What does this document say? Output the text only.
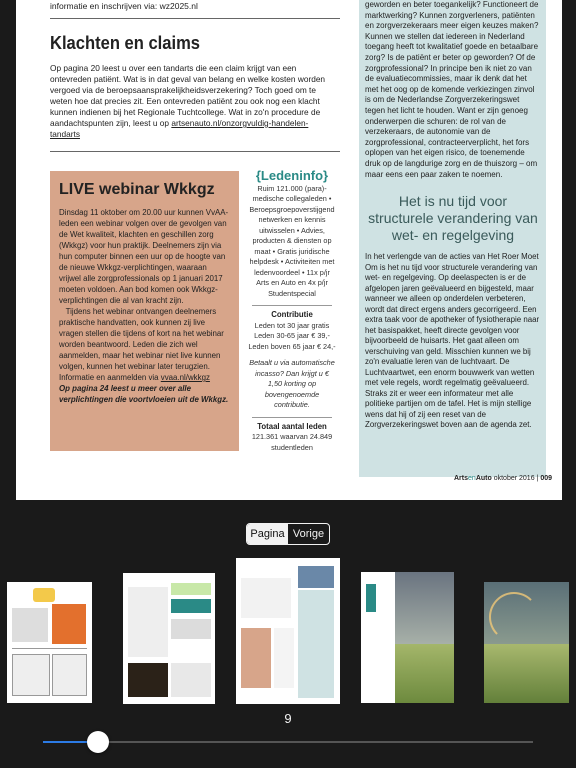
informatie en inschrijven via: wz2025.nl
Klachten en claims
Op pagina 20 leest u over een tandarts die een claim krijgt van een ontevreden patiënt. Wat is in dat geval van belang en welke kosten worden vergoed via de beroepsaansprakelijkheidsverzekering? Toch goed om te weten hoe dat precies zit. Een ontevreden patiënt zou ook nog een klacht kunnen indienen bij het Regionale Tuchtcollege. Wat in zo'n procedure de aandachtspunten zijn, leest u op artsenauto.nl/onzorgvuldig-handelen-tandarts
LIVE webinar Wkkgz

Dinsdag 11 oktober om 20.00 uur kunnen VvAA-leden een webinar volgen over de gevolgen van de Wet kwaliteit, klachten en geschillen zorg (Wkkgz) voor hun praktijk. Deelnemers zijn via hun computer binnen een uur op de hoogte van de nieuwe Wkkgz-verplichtingen, waaraan vrijwel alle zorgprofessionals op 1 januari 2017 moeten voldoen. Aan bod komen ook Wkkgz-verplichtingen die al van kracht zijn.

Tijdens het webinar ontvangen deelnemers praktische handvatten, ook kunnen zij live vragen stellen die tijdens of kort na het webinar worden beantwoord. Leden die zich wel aanmelden, maar het webinar niet live kunnen volgen, kunnen het webinar later terugzien. Informatie en aanmelden via vvaa.nl/wkkgz

Op pagina 24 leest u meer over alle verplichtingen die voortvloeien uit de Wkkgz.

{Ledeninfo}
Ruim 121.000 (para)-medische collegaleden • Beroepsgroepoverstijgend netwerken en kennis uitwisselen • Advies, producten & diensten op maat • Gratis juridische helpdesk • Activiteiten met ledenvoordeel • 11x p/jr Arts en Auto en 4x p/jr Studentspecial
Contributie
Leden tot 30 jaar gratis Leden 30-65 jaar € 39,- Leden boven 65 jaar € 24,-
Betaalt u via automatische incasso? Dan krijgt u € 1,50 korting op bovengenoemde contributie.
Totaal aantal leden
121.361 waarvan 24.849 studentleden
geworden en beter toegankelijk? Functioneert de marktwerking? Kunnen zorgverleners, patiënten en zorgverzekeraars meer eigen keuzes maken? Kunnen we stellen dat iedereen in Nederland toegang heeft tot kwalitatief goede en betaalbare zorg? Is de patiënt er beter op geworden? Of de zorgprofessional? In principe ben ik niet zo van de evaluatiecommissies, maar ik denk dat het met het oog op de komende verkiezingen zinvol is om de Nederlandse Zorgverzekeringswet tegen het licht te houden. Want er zijn genoeg onderwerpen die schuren: de rol van de verzekeraars, de autonomie van de zorgprofessional, contracteerverplicht, het fors oplopen van het eigen risico, de toenemende druk op de langdurige zorg en de thuiszorg – om maar eens een paar zaken te noemen.
Het is nu tijd voor structurele verandering van wet- en regelgeving
In het verlengde van de acties van Het Roer Moet Om is het nu tijd voor structurele verandering van wet- en regelgeving. Op deelaspecten is er de afgelopen jaren geëvalueerd en bijgesteld, maar wanneer we alleen op onderdelen verbeteren, wordt dat direct ergens anders gecorrigeerd. Een extra taak voor de apotheker of fysiotherapie naar het basispakket, heeft directe gevolgen voor bijvoorbeeld de huisarts. Het gaat alleen om verschuiving van geld. Misschien kunnen we bij zo'n evaluatie leren van de luchtvaart. De Luchtvaartwet, een enorm bouwwerk van wetten met vele regels, wordt regelmatig geëvalueerd. Straks zit er weer een informateur met alle politieke partijen om de tafel. Het is mijn stellige wens dat hij of zij een reset van de Zorgverzekeringswet boven aan de agenda zet.
ArtsenAuto oktober 2016 | 009
Pagina Vorige
9
